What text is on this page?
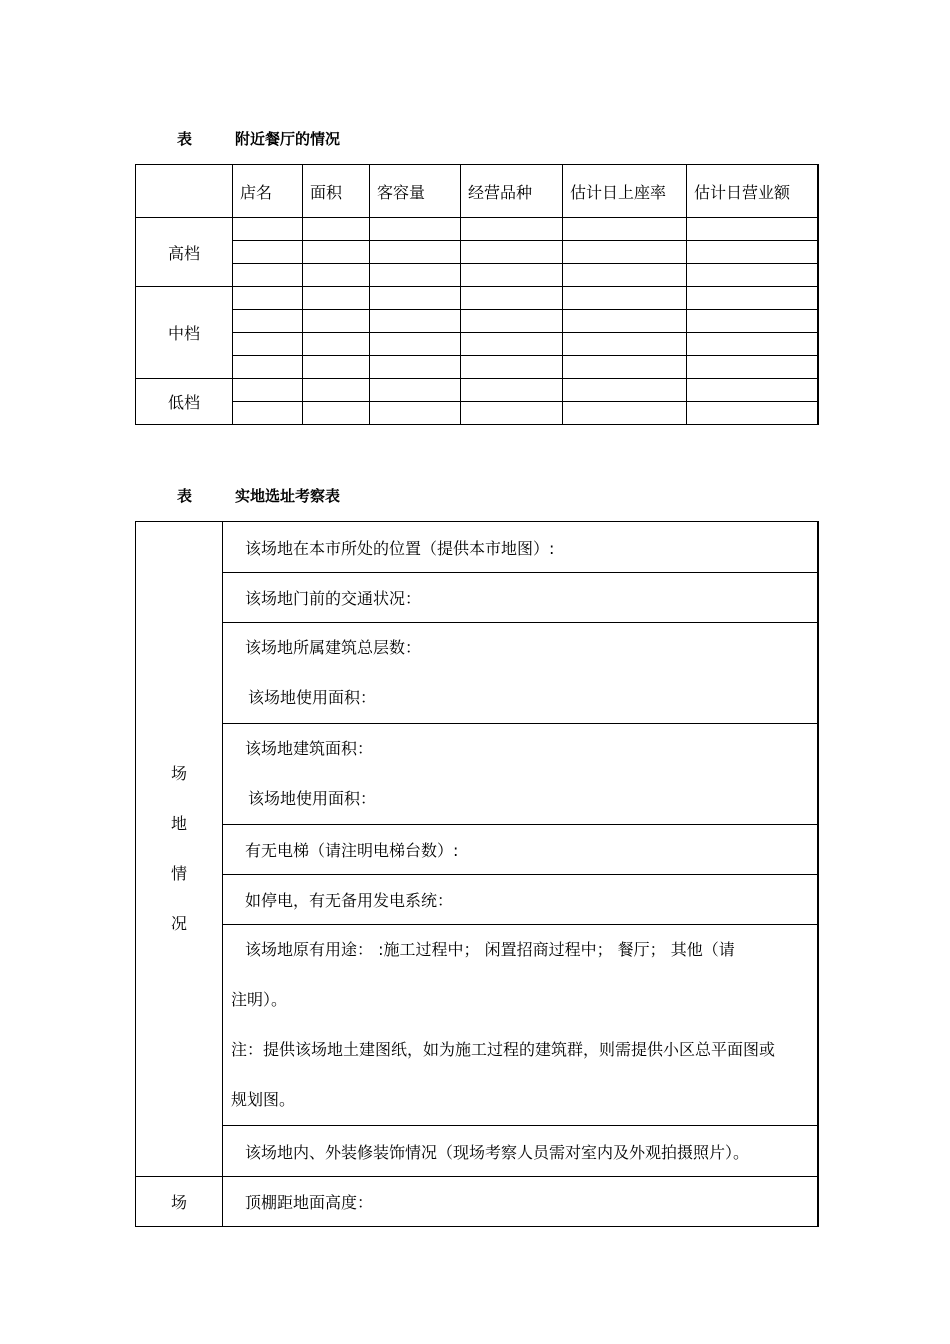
表	附近餐厅的情况
	店名	面积	客容量	经营品种	估计日上座率	估计日营业额
高档						

中档						

低档						

表	实地选址考察表
场
地
情
况	该场地在本市所处的位置（提供本市地图）:
	该场地门前的交通状况：

	该场地所属建筑总层数：
该场地使用面积：

	该场地建筑面积：
该场地使用面积：

	有无电梯（请注明电梯台数）:
	如停电，有无备用发电系统：

	该场地原有用途： :施工过程中； 闲置招商过程中； 餐厅； 其他（请
注明）。
注：提供该场地土建图纸，如为施工过程的建筑群，则需提供小区总平面图或
规划图。

	该场地内、外装修装饰情况（现场考察人员需对室内及外观拍摄照片）。
场	顶棚距地面高度：
